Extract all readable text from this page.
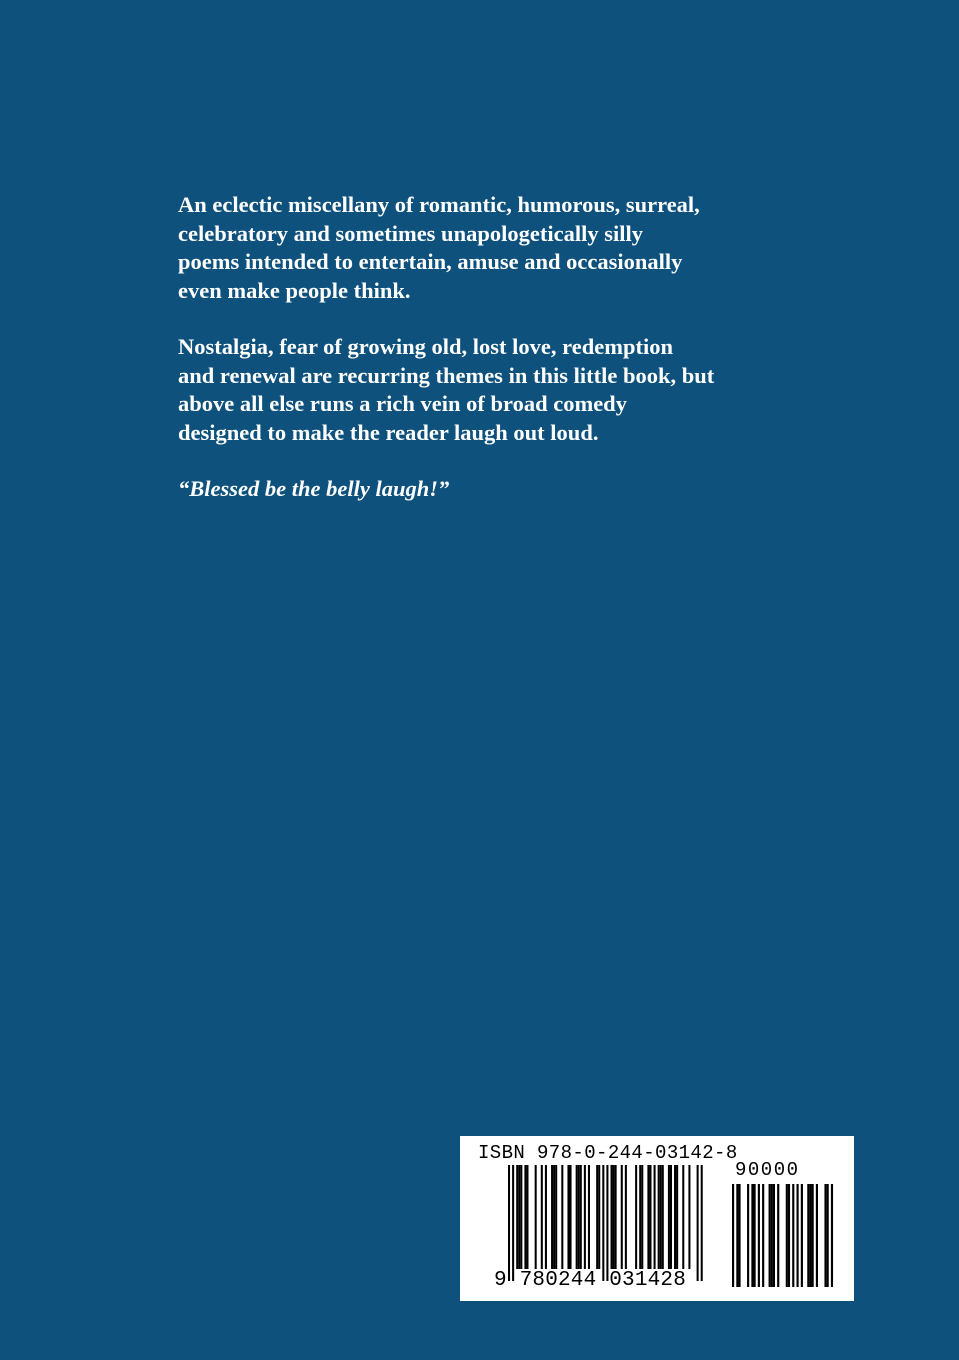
An eclectic miscellany of romantic, humorous, surreal,
celebratory and sometimes unapologetically silly
poems intended to entertain, amuse and occasionally
even make people think.

Nostalgia, fear of growing old, lost love, redemption
and renewal are recurring themes in this little book, but
above all else runs a rich vein of broad comedy
designed to make the reader laugh out loud.

“Blessed be the belly laugh!”

ISBN 978-0-244-03142-8
90000
9 780244 031428
